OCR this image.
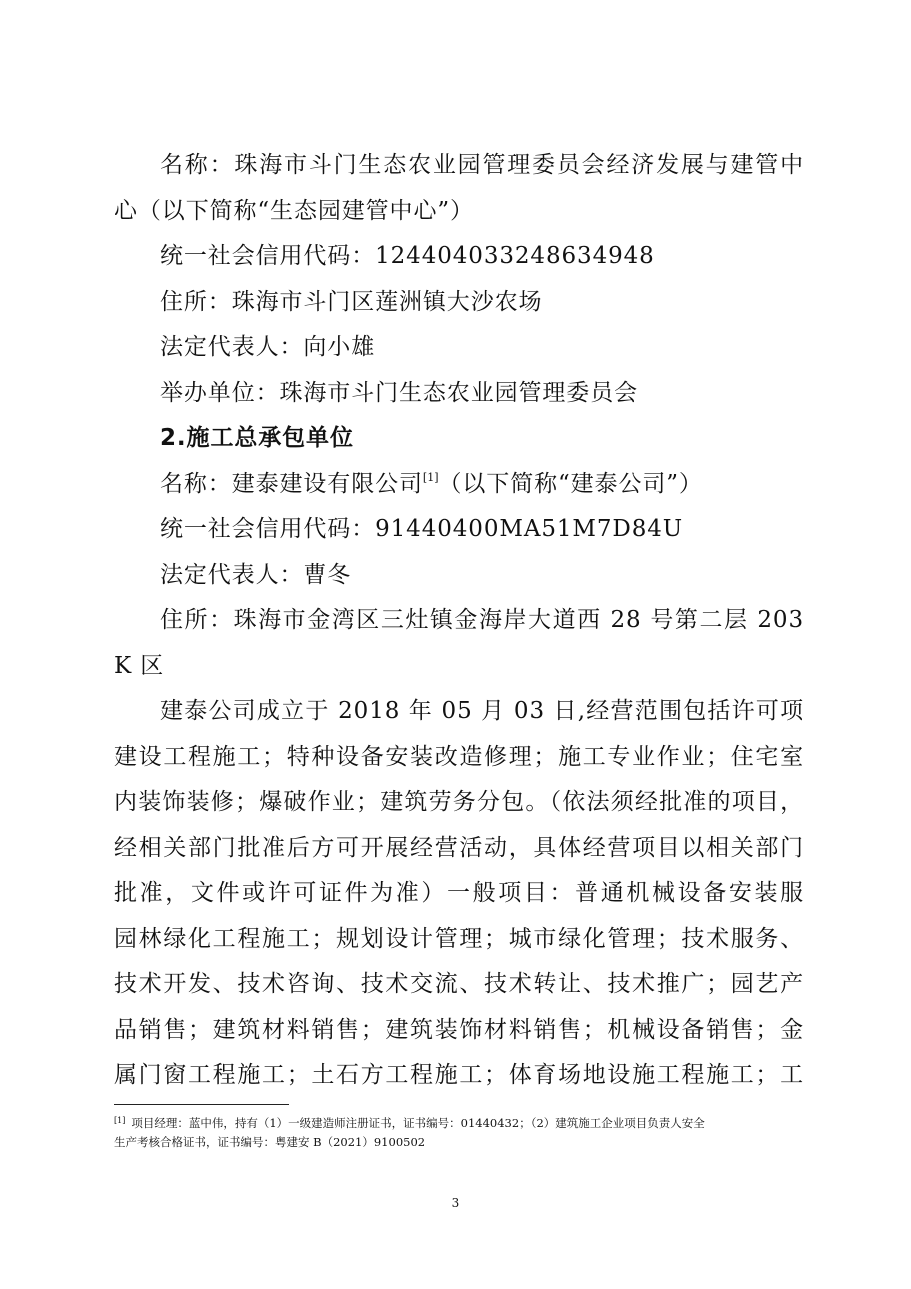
名称：珠海市斗门生态农业园管理委员会经济发展与建管中
心（以下简称“生态园建管中心”）
统一社会信用代码：124404033248634948
住所：珠海市斗门区莲洲镇大沙农场
法定代表人：向小雄
举办单位：珠海市斗门生态农业园管理委员会
2.施工总承包单位
名称：建泰建设有限公司[1]（以下简称“建泰公司”）
统一社会信用代码：91440400MA51M7D84U
法定代表人：曹冬
住所：珠海市金湾区三灶镇金海岸大道西 28 号第二层 203
K 区
建泰公司成立于 2018 年 05 月 03 日,经营范围包括许可项
建设工程施工；特种设备安装改造修理；施工专业作业；住宅室
内装饰装修；爆破作业；建筑劳务分包。（依法须经批准的项目，
经相关部门批准后方可开展经营活动，具体经营项目以相关部门
批准，文件或许可证件为准）一般项目：普通机械设备安装服
园林绿化工程施工；规划设计管理；城市绿化管理；技术服务、
技术开发、技术咨询、技术交流、技术转让、技术推广；园艺产
品销售；建筑材料销售；建筑装饰材料销售；机械设备销售；金
属门窗工程施工；土石方工程施工；体育场地设施工程施工；工
[1] 项目经理：蓝中伟，持有（1）一级建造师注册证书，证书编号：01440432；（2）建筑施工企业项目负责人安全
生产考核合格证书，证书编号：粤建安 B（2021）9100502
3
